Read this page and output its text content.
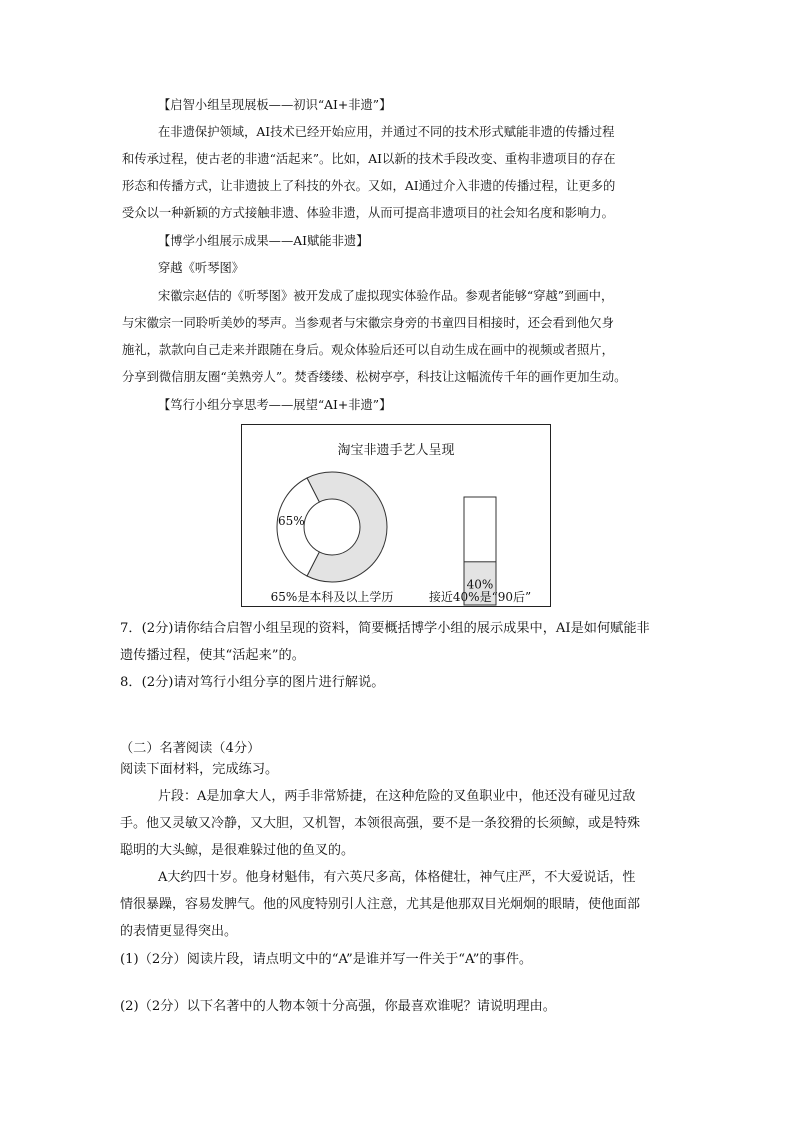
【启智小组呈现展板——初识“AI+非遗”】
在非遗保护领域，AI技术已经开始应用，并通过不同的技术形式赋能非遗的传播过程
和传承过程，使古老的非遗“活起来”。比如，AI以新的技术手段改变、重构非遗项目的存在
形态和传播方式，让非遗披上了科技的外衣。又如，AI通过介入非遗的传播过程，让更多的
受众以一种新颖的方式接触非遗、体验非遗，从而可提高非遗项目的社会知名度和影响力。
【博学小组展示成果——AI赋能非遗】
穿越《听琴图》
宋徽宗赵佶的《听琴图》被开发成了虚拟现实体验作品。参观者能够“穿越”到画中，
与宋徽宗一同聆听美妙的琴声。当参观者与宋徽宗身旁的书童四目相接时，还会看到他欠身
施礼，款款向自己走来并跟随在身后。观众体验后还可以自动生成在画中的视频或者照片，
分享到微信朋友圈“美熟旁人”。焚香缕缕、松树亭亭，科技让这幅流传千年的画作更加生动。
【笃行小组分享思考——展望“AI+非遗”】
淘宝非遗手艺人呈现
65%
65%是本科及以上学历
40%
接近40%是“90后”
7．(2分)请你结合启智小组呈现的资料，简要概括博学小组的展示成果中，AI是如何赋能非
遗传播过程，使其“活起来”的。
8．(2分)请对笃行小组分享的图片进行解说。
（二）名著阅读（4分）
阅读下面材料，完成练习。
片段：A是加拿大人，两手非常矫捷，在这种危险的叉鱼职业中，他还没有碰见过敌
手。他又灵敏又冷静，又大胆，又机智，本领很高强，要不是一条狡猾的长须鲸，或是特殊
聪明的大头鲸，是很难躲过他的鱼叉的。
A大约四十岁。他身材魁伟，有六英尺多高，体格健壮，神气庄严，不大爱说话，性
情很暴躁，容易发脾气。他的风度特别引人注意，尤其是他那双目光炯炯的眼睛，使他面部
的表情更显得突出。
(1)（2分）阅读片段，请点明文中的“A”是谁并写一件关于“A”的事件。
(2)（2分）以下名著中的人物本领十分高强，你最喜欢谁呢？请说明理由。
